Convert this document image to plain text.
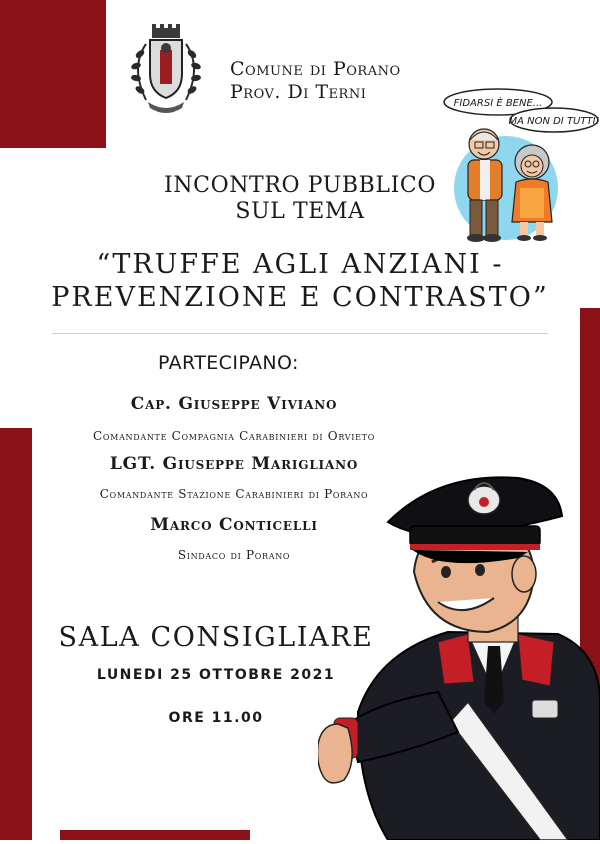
Comune di Porano
Prov. Di Terni
FIDARSI È BENE...
MA NON DI TUTTI!
INCONTRO PUBBLICO
SUL TEMA
“TRUFFE AGLI ANZIANI -
PREVENZIONE E CONTRASTO”
PARTECIPANO:
Cap. Giuseppe Viviano
Comandante Compagnia Carabinieri di Orvieto
LGT. Giuseppe Marigliano
Comandante Stazione Carabinieri di Porano
Marco Conticelli
Sindaco di Porano
SALA CONSIGLIARE
LUNEDI 25 OTTOBRE 2021
ORE 11.00
